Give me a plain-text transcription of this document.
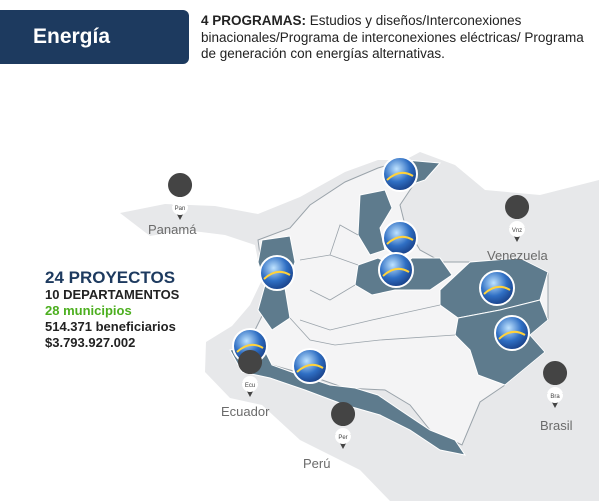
Energía
4 PROGRAMAS: Estudios y diseños/Interconexiones binacionales/Programa de interconexiones eléctricas/ Programa de generación con energías alternativas.
Pan
Vnz
Ecu
Bra
Per
Panamá
Venezuela
Ecuador
Brasil
Perú
24 PROYECTOS
10 DEPARTAMENTOS
28 municipios
514.371 beneficiarios
$3.793.927.002
